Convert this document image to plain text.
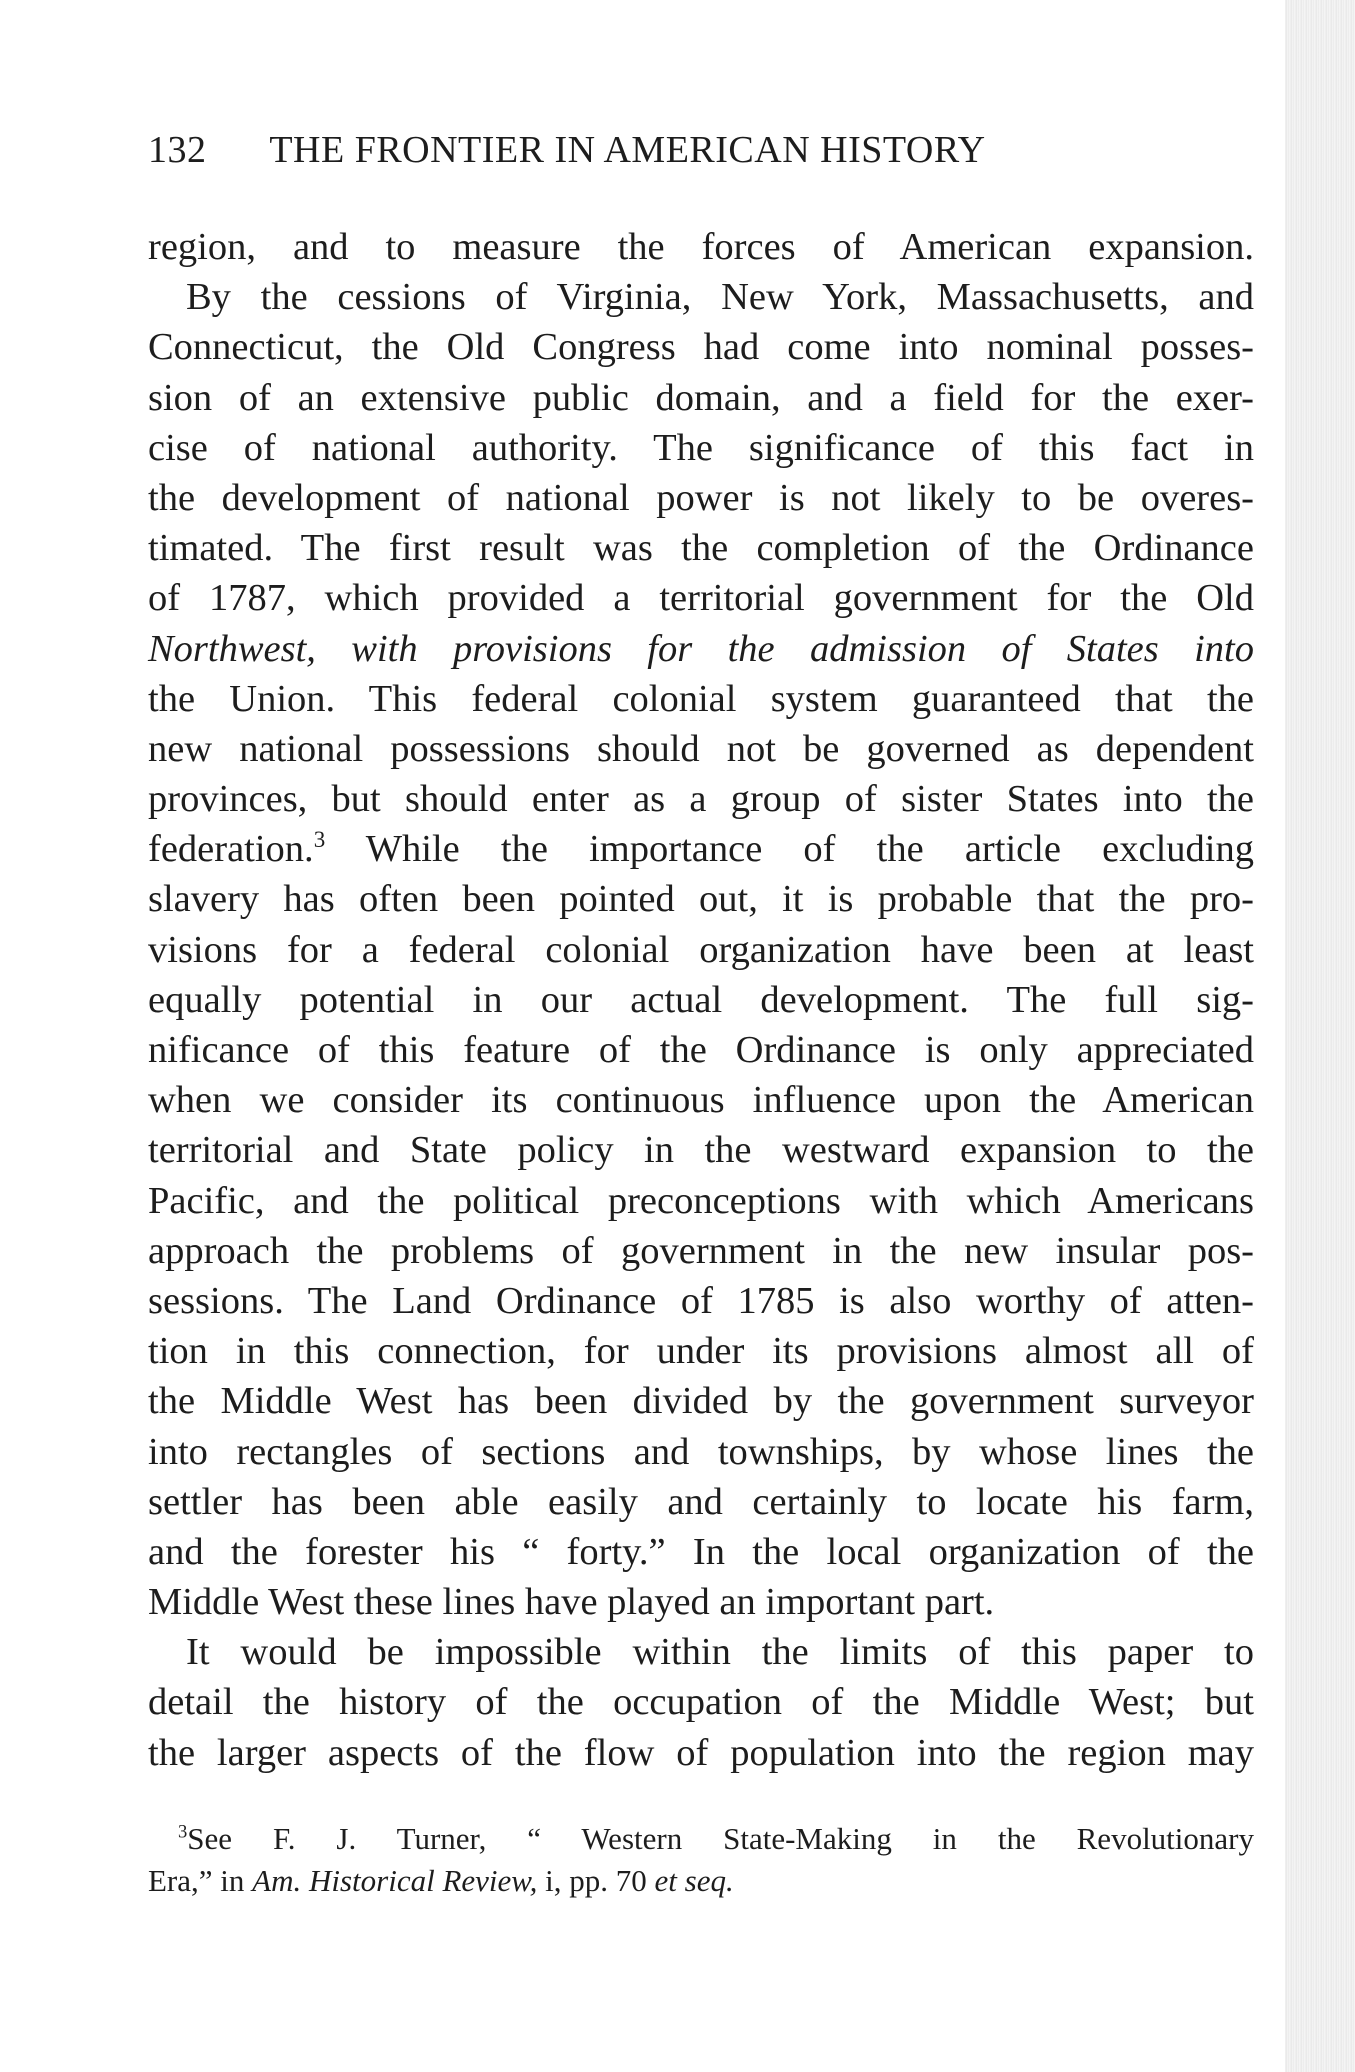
132 THE FRONTIER IN AMERICAN HISTORY
region, and to measure the forces of American expansion.
By the cessions of Virginia, New York, Massachusetts, and
Connecticut, the Old Congress had come into nominal posses-
sion of an extensive public domain, and a field for the exer-
cise of national authority. The significance of this fact in
the development of national power is not likely to be overes-
timated. The first result was the completion of the Ordinance
of 1787, which provided a territorial government for the Old
Northwest, with provisions for the admission of States into
the Union. This federal colonial system guaranteed that the
new national possessions should not be governed as dependent
provinces, but should enter as a group of sister States into the
federation.$^3$ While the importance of the article excluding
slavery has often been pointed out, it is probable that the pro-
visions for a federal colonial organization have been at least
equally potential in our actual development. The full sig-
nificance of this feature of the Ordinance is only appreciated
when we consider its continuous influence upon the American
territorial and State policy in the westward expansion to the
Pacific, and the political preconceptions with which Americans
approach the problems of government in the new insular pos-
sessions. The Land Ordinance of 1785 is also worthy of atten-
tion in this connection, for under its provisions almost all of
the Middle West has been divided by the government surveyor
into rectangles of sections and townships, by whose lines the
settler has been able easily and certainly to locate his farm,
and the forester his “ forty.” In the local organization of the
Middle West these lines have played an important part.
It would be impossible within the limits of this paper to
detail the history of the occupation of the Middle West; but
the larger aspects of the flow of population into the region may
$^3$See F. J. Turner, “ Western State-Making in the Revolutionary
Era,” in Am. Historical Review, i, pp. 70 et seq.
